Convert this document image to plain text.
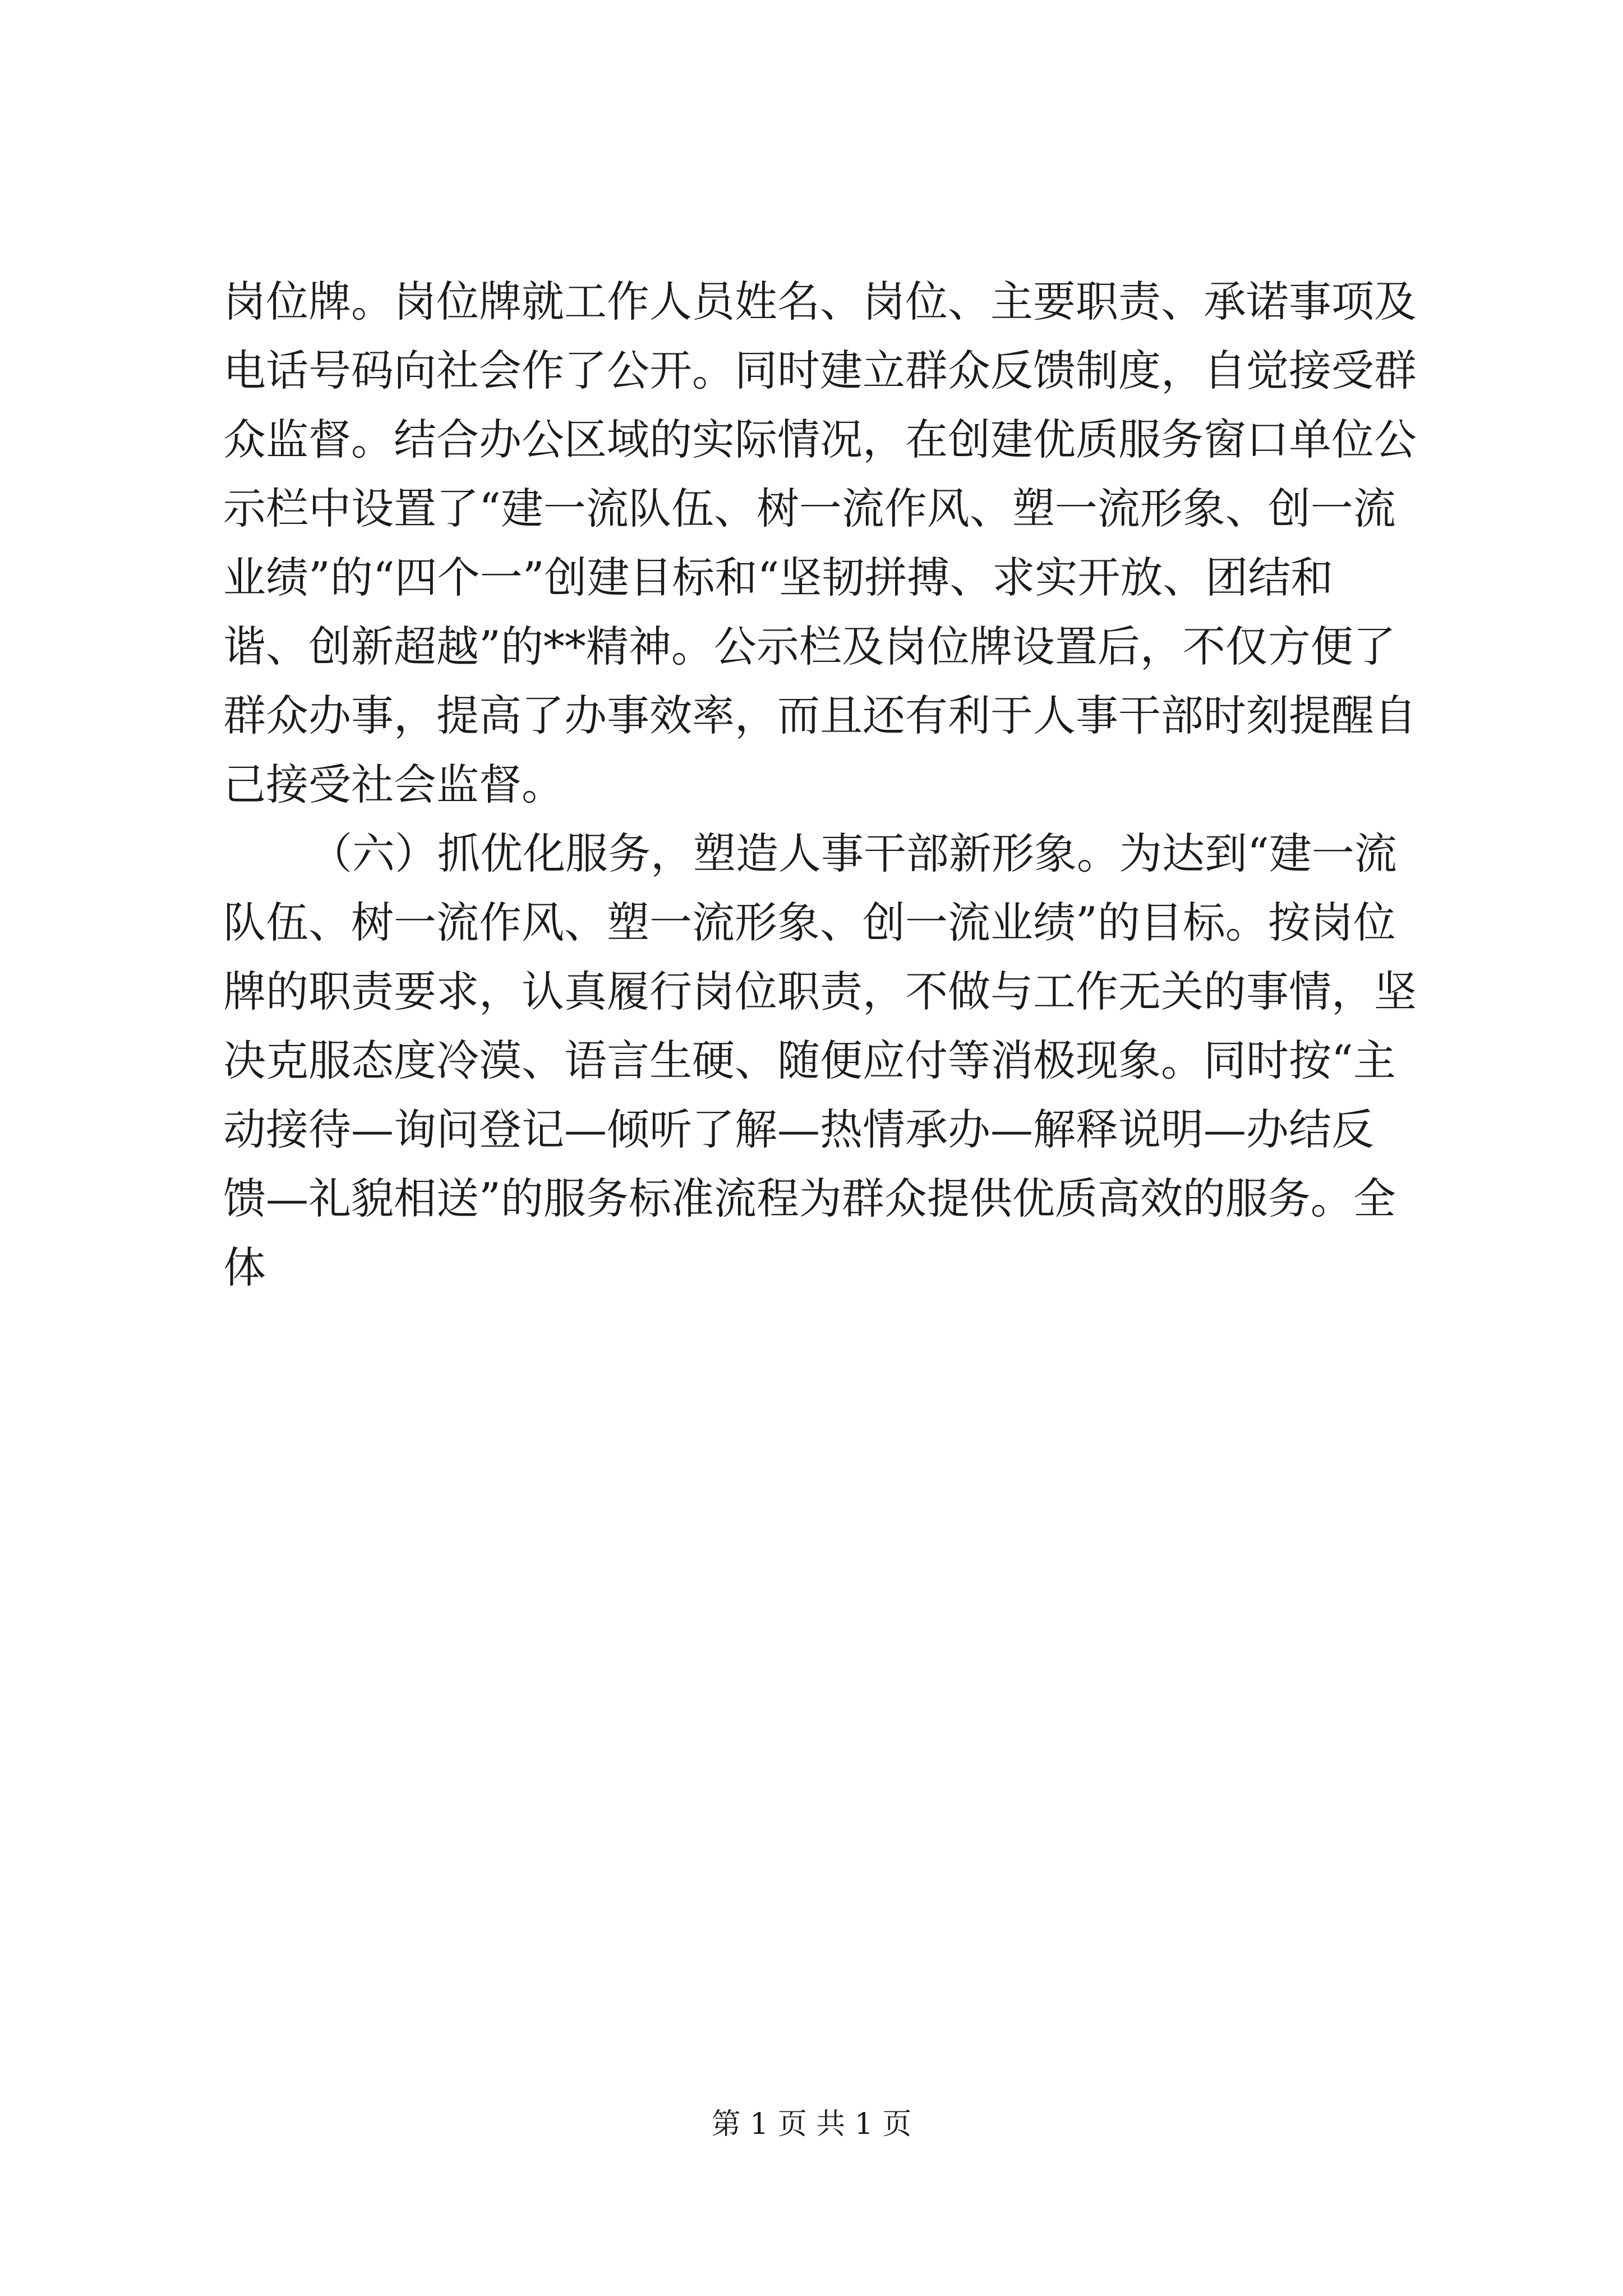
岗位牌。岗位牌就工作人员姓名、岗位、主要职责、承诺事项及
电话号码向社会作了公开。同时建立群众反馈制度，自觉接受群
众监督。结合办公区域的实际情况，在创建优质服务窗口单位公
示栏中设置了“建一流队伍、树一流作风、塑一流形象、创一流
业绩”的“四个一”创建目标和“坚韧拼搏、求实开放、团结和
谐、创新超越”的**精神。公示栏及岗位牌设置后，不仅方便了
群众办事，提高了办事效率，而且还有利于人事干部时刻提醒自
己接受社会监督。
（六）抓优化服务，塑造人事干部新形象。为达到“建一流
队伍、树一流作风、塑一流形象、创一流业绩”的目标。按岗位
牌的职责要求，认真履行岗位职责，不做与工作无关的事情，坚
决克服态度冷漠、语言生硬、随便应付等消极现象。同时按“主
动接待—询问登记—倾听了解—热情承办—解释说明—办结反
馈—礼貌相送”的服务标准流程为群众提供优质高效的服务。全
体
第 1 页 共 1 页
